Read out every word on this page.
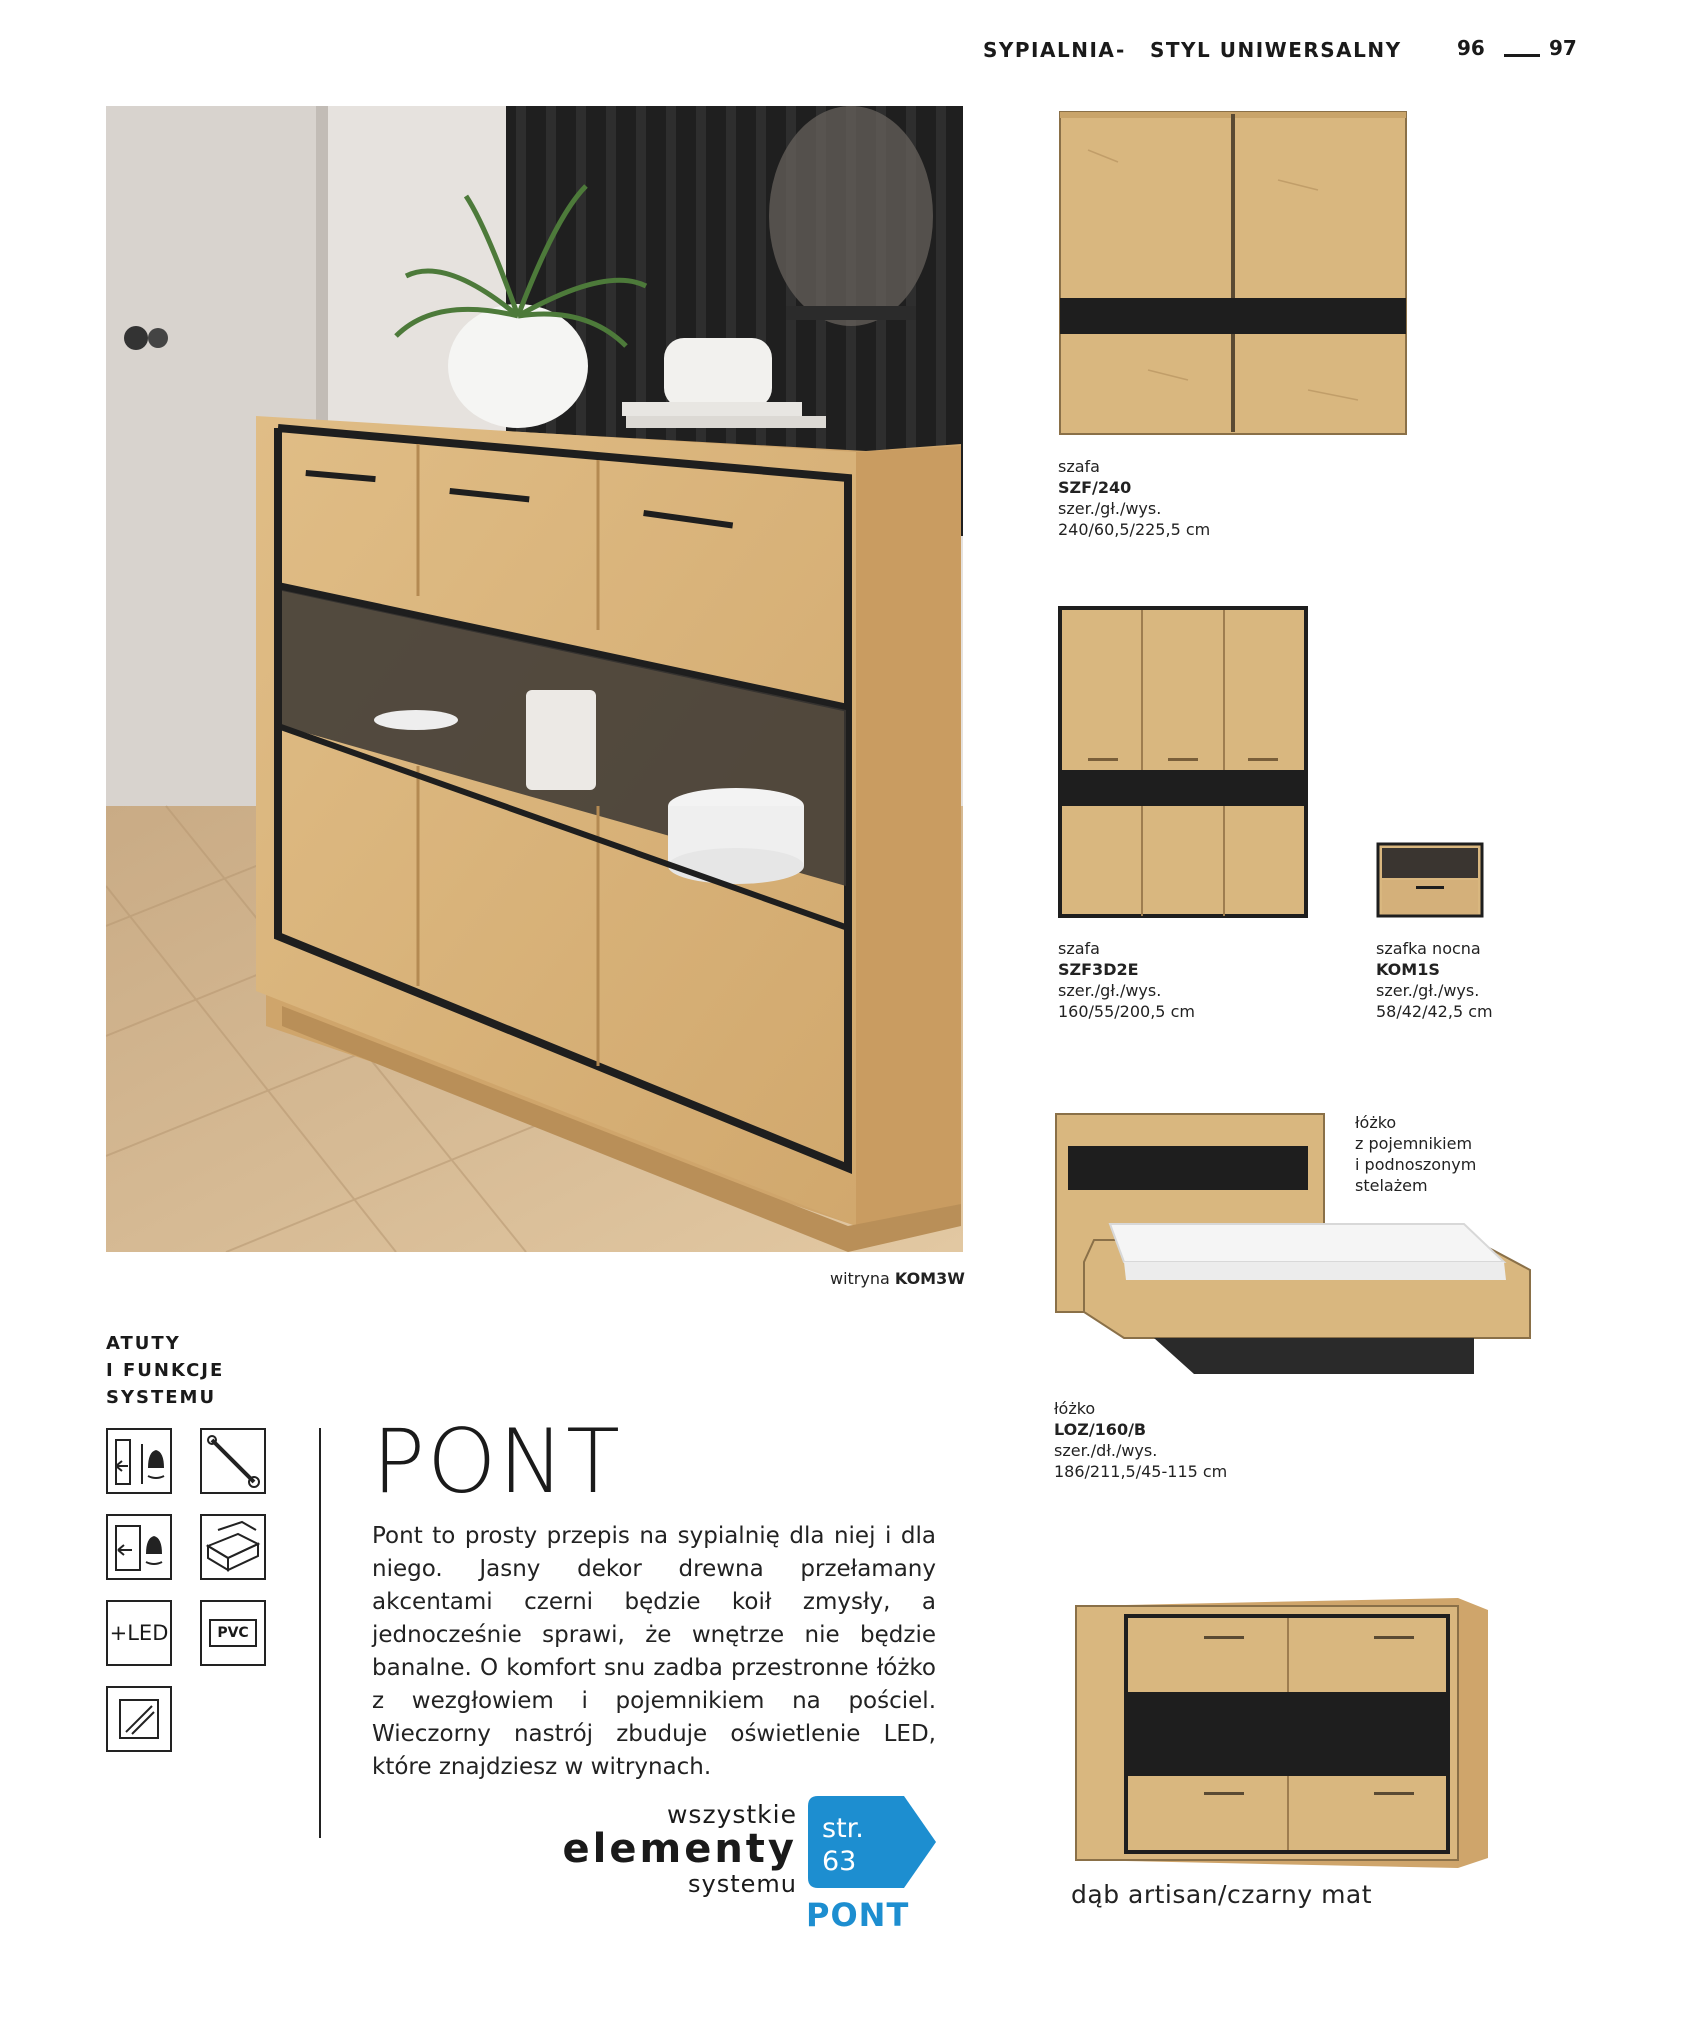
SYPIALNIA - STYL UNIWERSALNY	96	97
witryna KOM3W
szafa

SZF/240
szer./gł./wys.
240/60,5/225,5 cm
szafa

SZF3D2E
szer./gł./wys.
160/55/200,5 cm
szafka nocna

KOM1S
szer./gł./wys.
58/42/42,5 cm
łóżko
z pojemnikiem
i podnoszonym
stelażem
łóżko

LOZ/160/B
szer./dł./wys.
186/211,5/45-115 cm
dąb artisan/czarny mat
ATUTY
I FUNKCJE
SYSTEMU
+LED	PVC
PONT
Pont to prosty przepis na sypialnię dla niej i dla niego. Jasny dekor drewna przełamany akcentami czerni będzie koił zmysły, a jednocześnie sprawi, że wnętrze nie będzie banalne. O komfort snu zadba przestronne łóżko z wezgłowiem i pojemnikiem na pościel. Wieczorny nastrój zbuduje oświetlenie LED, które znajdziesz w witrynach.
wszystkie
elementy
systemu
str.
63
PONT
